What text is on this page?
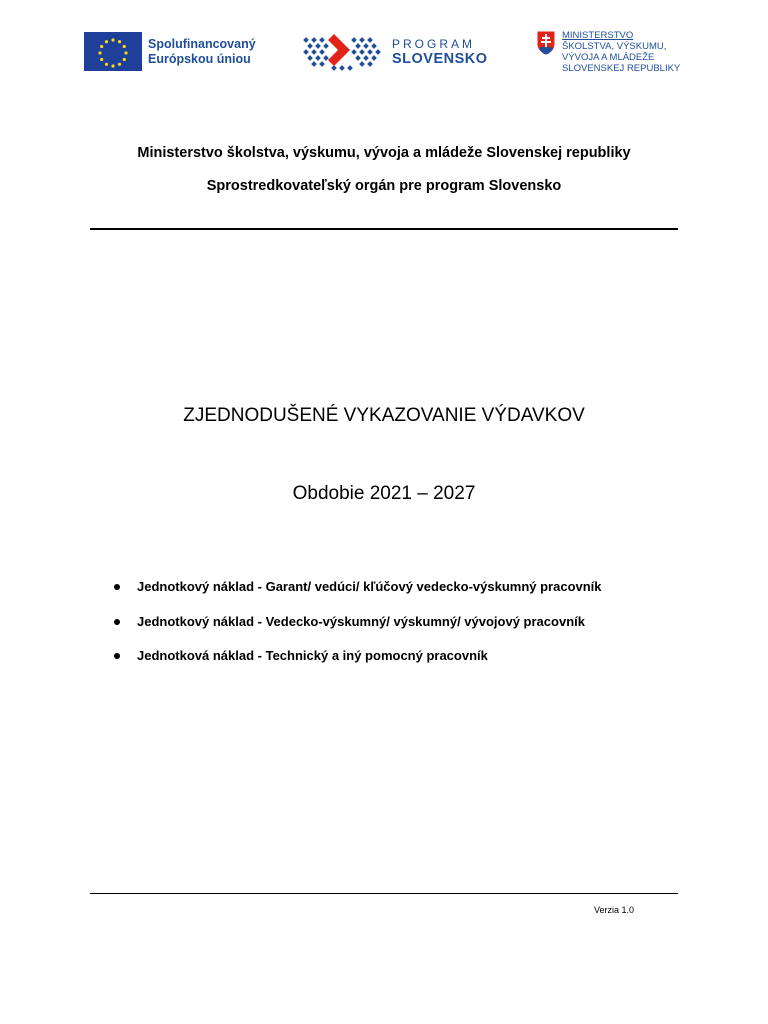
Spolufinancovaný
Európskou úniou
PROGRAM
SLOVENSKO
MINISTERSTVO
ŠKOLSTVA, VÝSKUMU,
VÝVOJA A MLÁDEŽE
SLOVENSKEJ REPUBLIKY
Ministerstvo školstva, výskumu, vývoja a mládeže Slovenskej republiky
Sprostredkovateľský orgán pre program Slovensko
ZJEDNODUŠENÉ VYKAZOVANIE VÝDAVKOV
Obdobie 2021 – 2027
Jednotkový náklad - Garant/ vedúci/ kľúčový vedecko-výskumný pracovník
Jednotkový náklad - Vedecko-výskumný/ výskumný/ vývojový pracovník
Jednotková náklad - Technický a iný pomocný pracovník
Verzia 1.0
